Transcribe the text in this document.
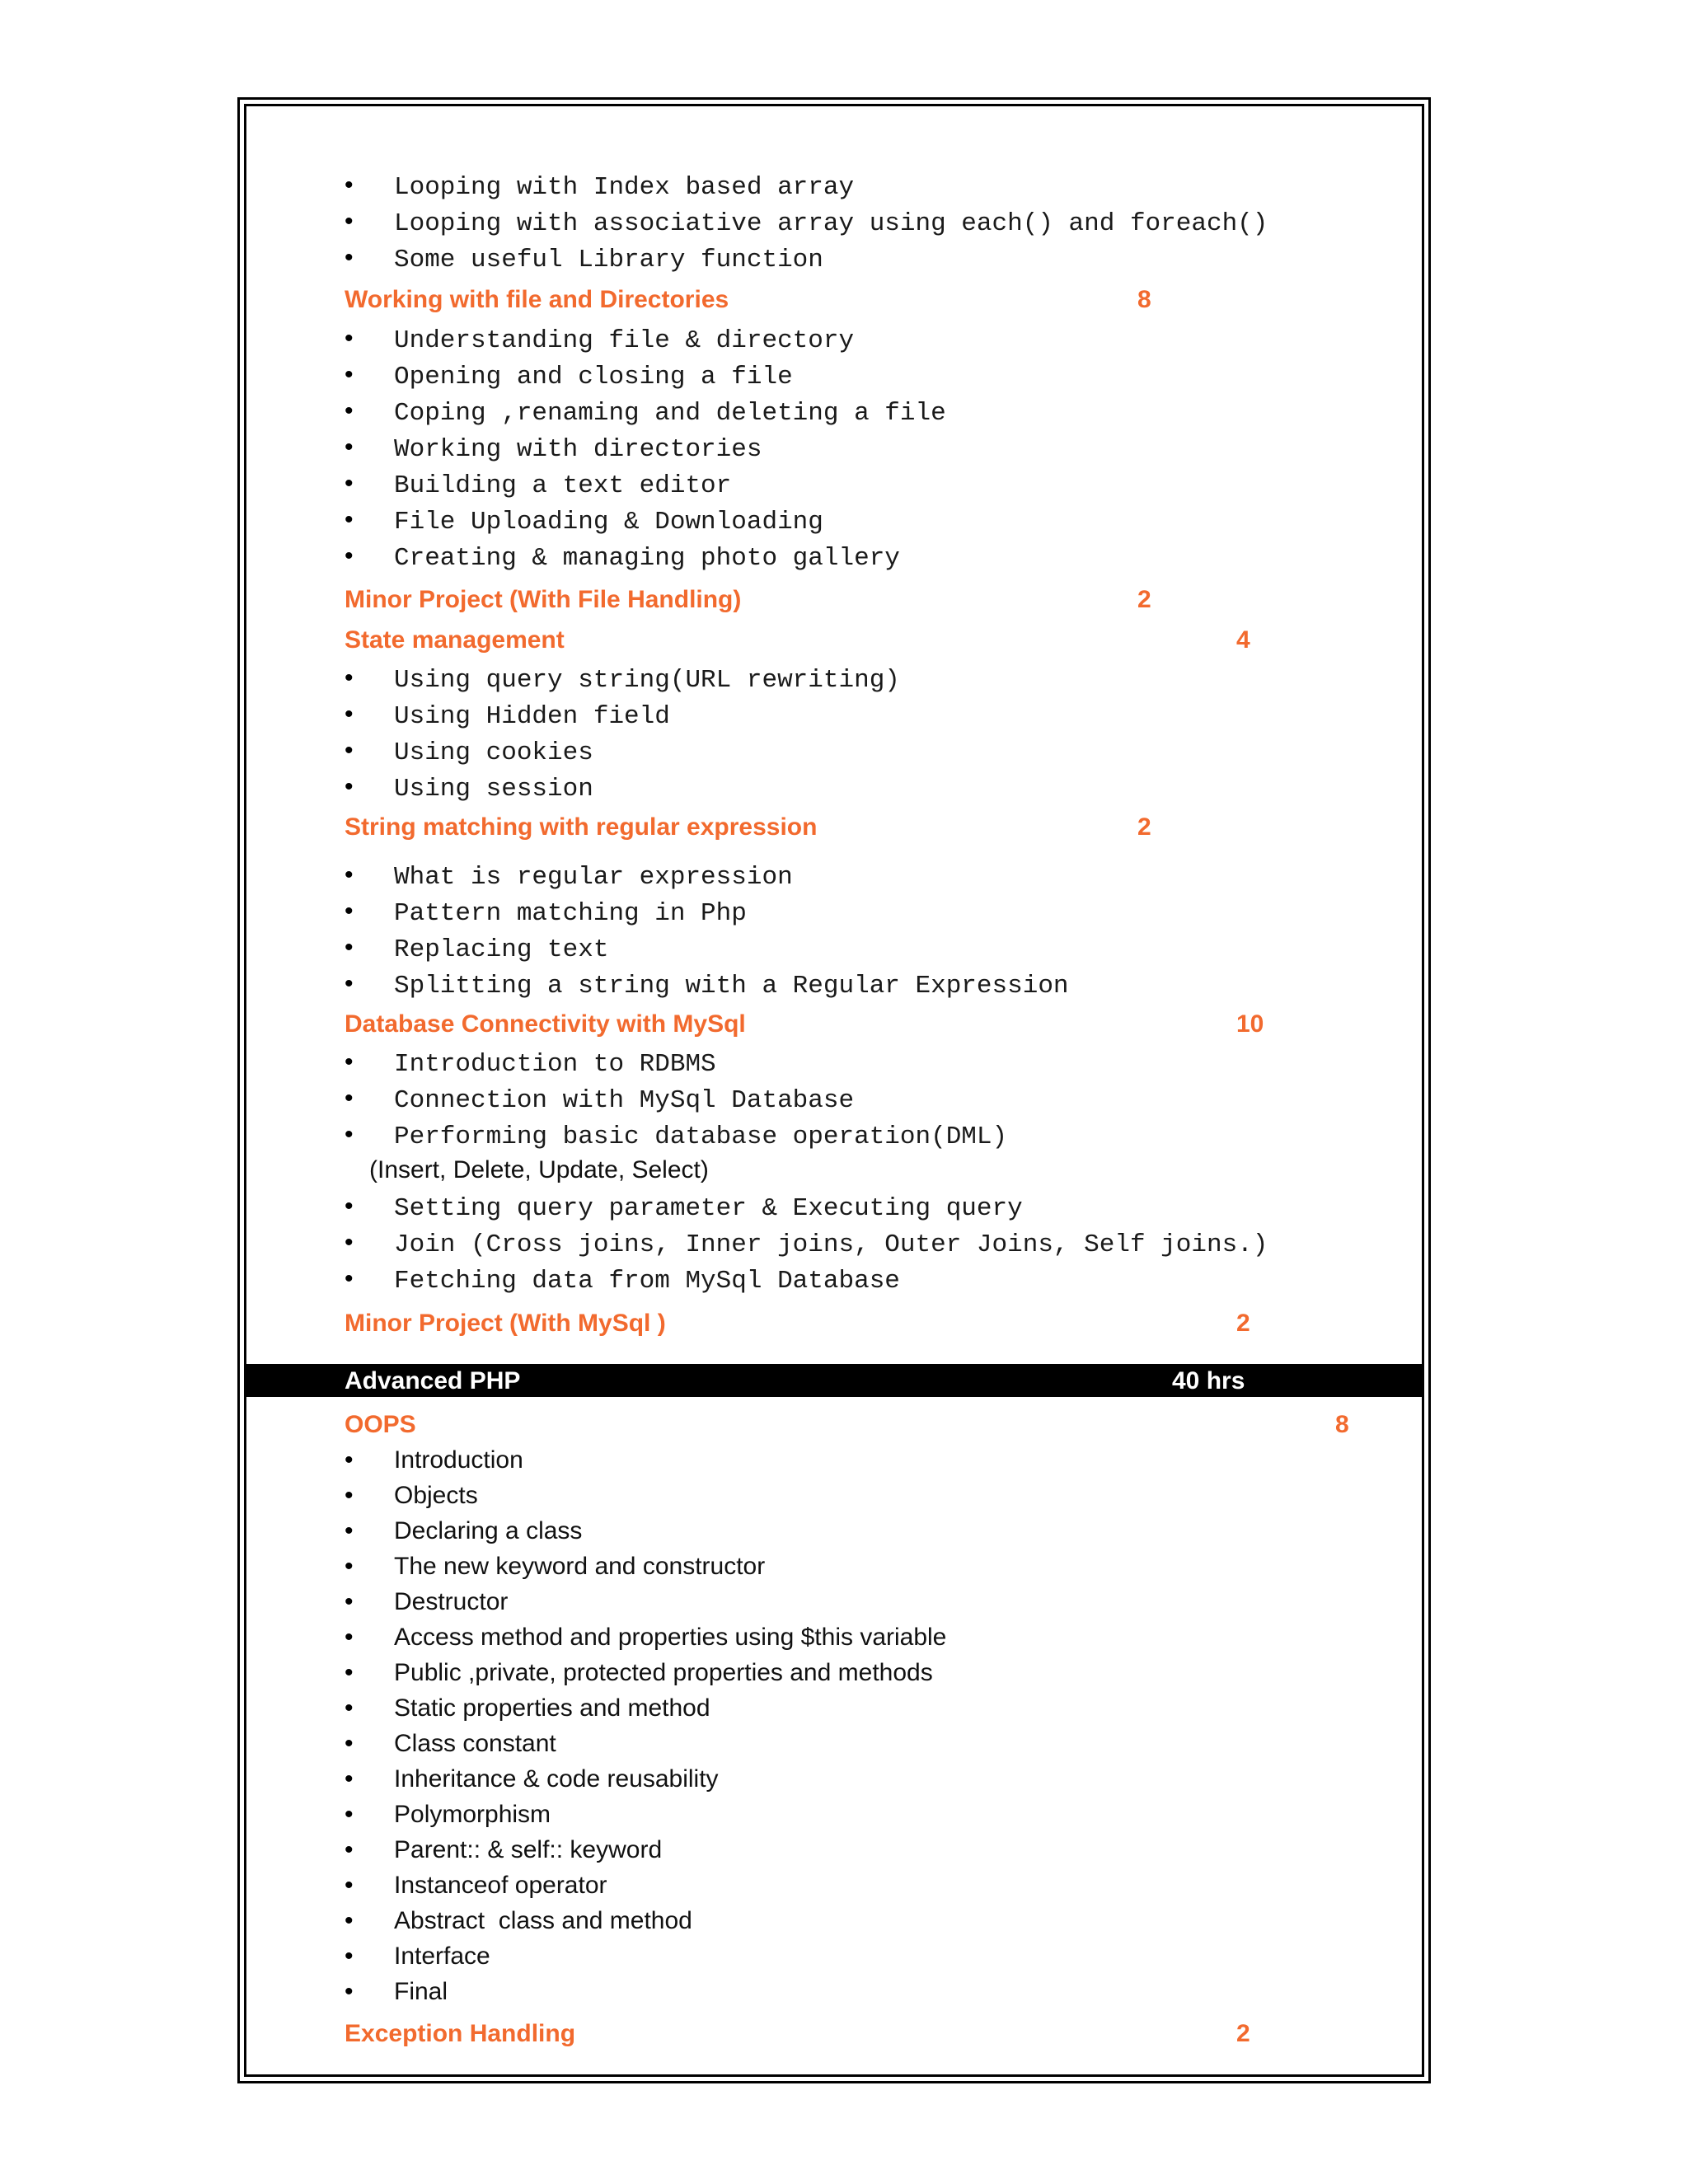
• Looping with Index based array
• Looping with associative array using each() and foreach()
• Some useful Library function
Working with file and Directories	8
• Understanding file & directory
• Opening and closing a file
• Coping ,renaming and deleting a file
• Working with directories
• Building a text editor
• File Uploading & Downloading
• Creating & managing photo gallery
Minor Project (With File Handling)	2
State management	4
• Using query string(URL rewriting)
• Using Hidden field
• Using cookies
• Using session
String matching with regular expression	2
• What is regular expression
• Pattern matching in Php
• Replacing text
• Splitting a string with a Regular Expression
Database Connectivity with MySql	10
• Introduction to RDBMS
• Connection with MySql Database
• Performing basic database operation(DML)
(Insert, Delete, Update, Select)
• Setting query parameter & Executing query
• Join (Cross joins, Inner joins, Outer Joins, Self joins.)
• Fetching data from MySql Database
Minor Project (With MySql )	2
Advanced PHP	40 hrs
OOPS	8
• Introduction
• Objects
• Declaring a class
• The new keyword and constructor
• Destructor
• Access method and properties using $this variable
• Public ,private, protected properties and methods
• Static properties and method
• Class constant
• Inheritance & code reusability
• Polymorphism
• Parent:: & self:: keyword
• Instanceof operator
• Abstract  class and method
• Interface
• Final
Exception Handling	2
